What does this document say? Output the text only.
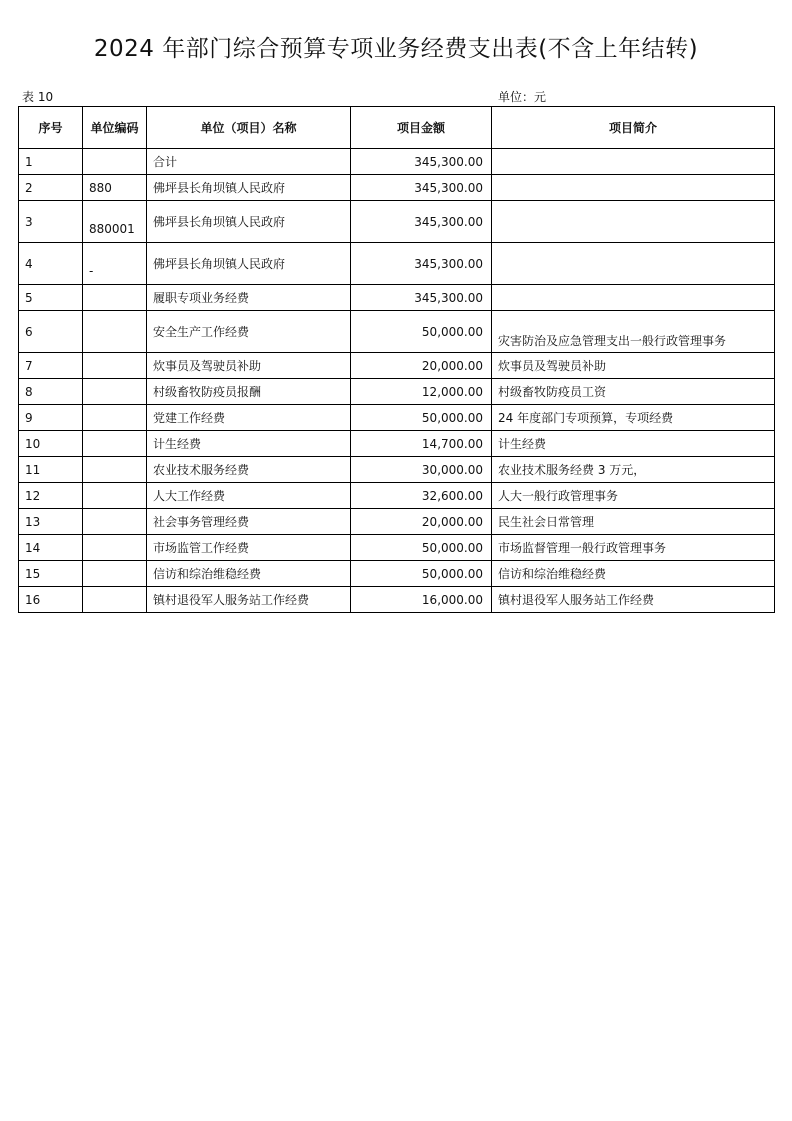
2024 年部门综合预算专项业务经费支出表(不含上年结转)
表 10	单位：元
序号	单位编码	单位（项目）名称	项目金额	项目简介
1		合计	345,300.00	
2	880	佛坪县长角坝镇人民政府	345,300.00	
3	880001	佛坪县长角坝镇人民政府	345,300.00	
4	-	佛坪县长角坝镇人民政府	345,300.00	
5		履职专项业务经费	345,300.00	
6		安全生产工作经费	50,000.00	灾害防治及应急管理支出一般行政管理事务
7		炊事员及驾驶员补助	20,000.00	炊事员及驾驶员补助
8		村级畜牧防疫员报酬	12,000.00	村级畜牧防疫员工资
9		党建工作经费	50,000.00	24 年度部门专项预算，专项经费
10		计生经费	14,700.00	计生经费
11		农业技术服务经费	30,000.00	农业技术服务经费 3 万元，
12		人大工作经费	32,600.00	人大一般行政管理事务
13		社会事务管理经费	20,000.00	民生社会日常管理
14		市场监管工作经费	50,000.00	市场监督管理一般行政管理事务
15		信访和综治维稳经费	50,000.00	信访和综治维稳经费
16		镇村退役军人服务站工作经费	16,000.00	镇村退役军人服务站工作经费
